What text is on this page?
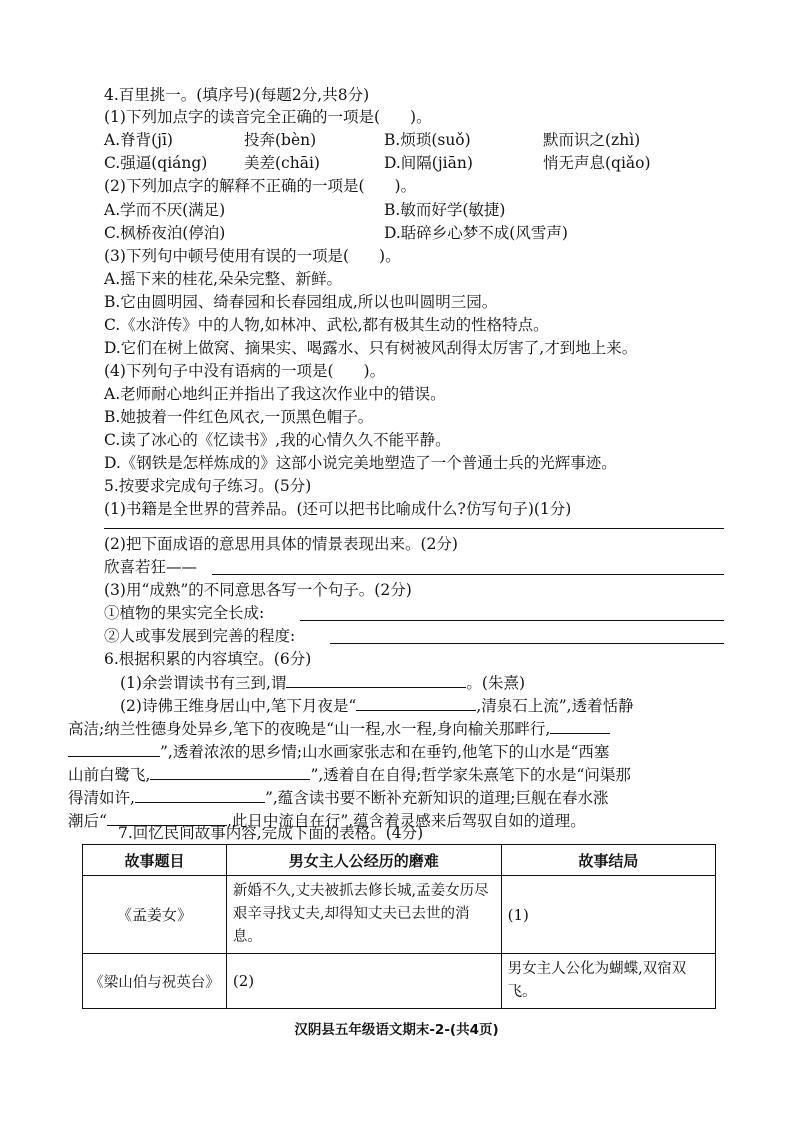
4.百里挑一。(填序号)(每题2分,共8分)
(1)下列加点字的读音完全正确的一项是( )。
A.脊背(jī)	投奔(bèn)	B.烦琐(suǒ)	默而识之(zhì)
C.强逼(qiáng) 美差(chāi)	D.间隔(jiān)	悄无声息(qiǎo)
(2)下列加点字的解释不正确的一项是( )。
A.学而不厌(满足)	B.敏而好学(敏捷)
C.枫桥夜泊(停泊)	D.聒碎乡心梦不成(风雪声)
(3)下列句中顿号使用有误的一项是( )。
A.摇下来的桂花,朵朵完整、新鲜。
B.它由圆明园、绮春园和长春园组成,所以也叫圆明三园。
C.《水浒传》中的人物,如林冲、武松,都有极其生动的性格特点。
D.它们在树上做窝、摘果实、喝露水、只有树被风刮得太厉害了,才到地上来。
(4)下列句子中没有语病的一项是( )。
A.老师耐心地纠正并指出了我这次作业中的错误。
B.她披着一件红色风衣,一顶黑色帽子。
C.读了冰心的《忆读书》,我的心情久久不能平静。
D.《钢铁是怎样炼成的》这部小说完美地塑造了一个普通士兵的光辉事迹。
5.按要求完成句子练习。(5分)
(1)书籍是全世界的营养品。(还可以把书比喻成什么?仿写句子)(1分)
(2)把下面成语的意思用具体的情景表现出来。(2分)
欣喜若狂——
(3)用“成熟”的不同意思各写一个句子。(2分)
①植物的果实完全长成:
②人或事发展到完善的程度:
6.根据积累的内容填空。(6分)
(1)余尝谓读书有三到,谓	。(朱熹)
(2)诗佛王维身居山中,笔下月夜是“	,清泉石上流”,透着恬静
高洁;纳兰性德身处异乡,笔下的夜晚是“山一程,水一程,身向榆关那畔行,
”,透着浓浓的思乡情;山水画家张志和在垂钓,他笔下的山水是“西塞
山前白鹭飞,	”,透着自在自得;哲学家朱熹笔下的水是“问渠那
得清如许,	”,蕴含读书要不断补充新知识的道理;巨舰在春水涨
潮后“	,此日中流自在行”,蕴含着灵感来后驾驭自如的道理。
7.回忆民间故事内容,完成下面的表格。(4分)
故事题目	男女主人公经历的磨难	故事结局
《孟姜女》	新婚不久,丈夫被抓去修长城,孟姜女历尽艰辛寻找丈夫,却得知丈夫已去世的消息。	(1)
《梁山伯与祝英台》	(2)	男女主人公化为蝴蝶,双宿双飞。
汉阴县五年级语文期末-2-(共4页)
